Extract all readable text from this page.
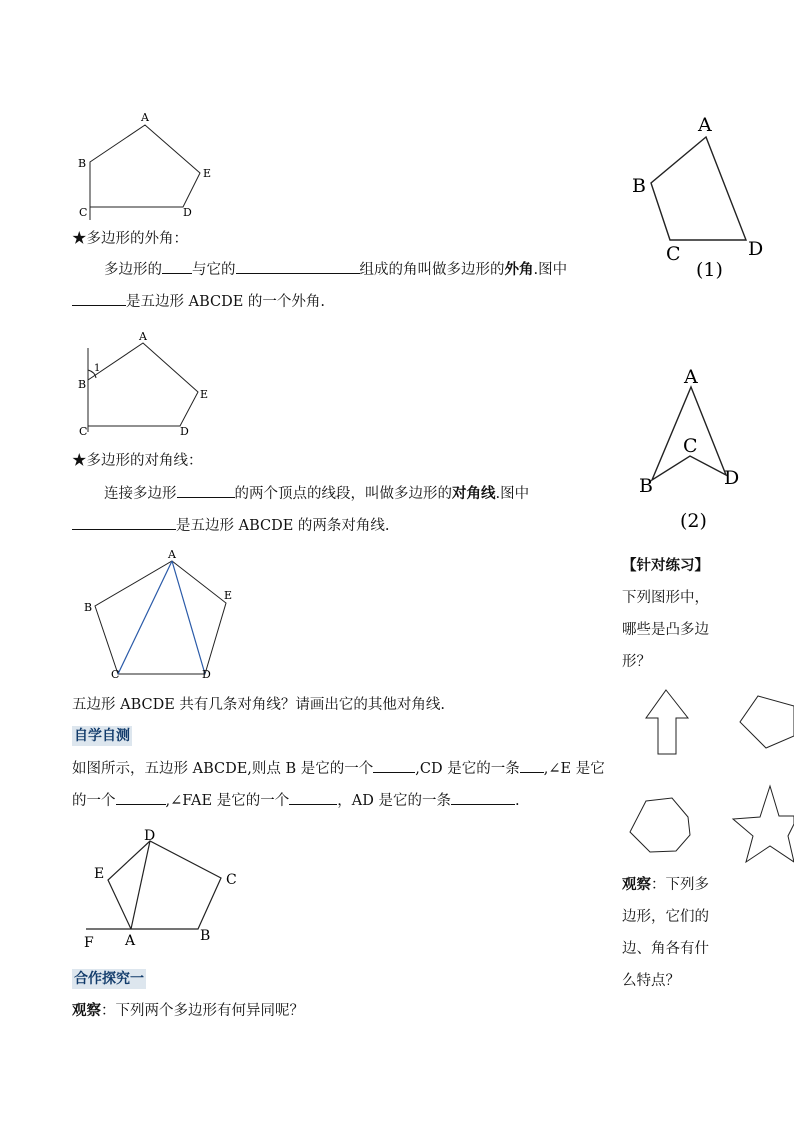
A
B
E
C	D
★多边形的外角：
多边形的 与它的	组成的角叫做多边形的外角.图中
是五边形 ABCDE 的一个外角.
1
A
B
E
C	D
★多边形的对角线：
连接多边形	的两个顶点的线段，叫做多边形的对角线.图中
是五边形 ABCDE 的两条对角线.
A
B
E
C	D
五边形 ABCDE 共有几条对角线？请画出它的其他对角线.
自学自测
如图所示，五边形 ABCDE,则点 B 是它的一个	,CD 是它的一条 ,∠E 是它
的一个	,∠FAE 是它的一个	，AD 是它的一条	.
D
E	C
F A	B
合作探究一
观察：下列两个多边形有何异同呢？
A
B
C	D
(1)
A
C
B	D
(2)
【针对练习】
下列图形中，
哪些是凸多边
形？
观察：下列多
边形，它们的
边、角各有什
么特点？
